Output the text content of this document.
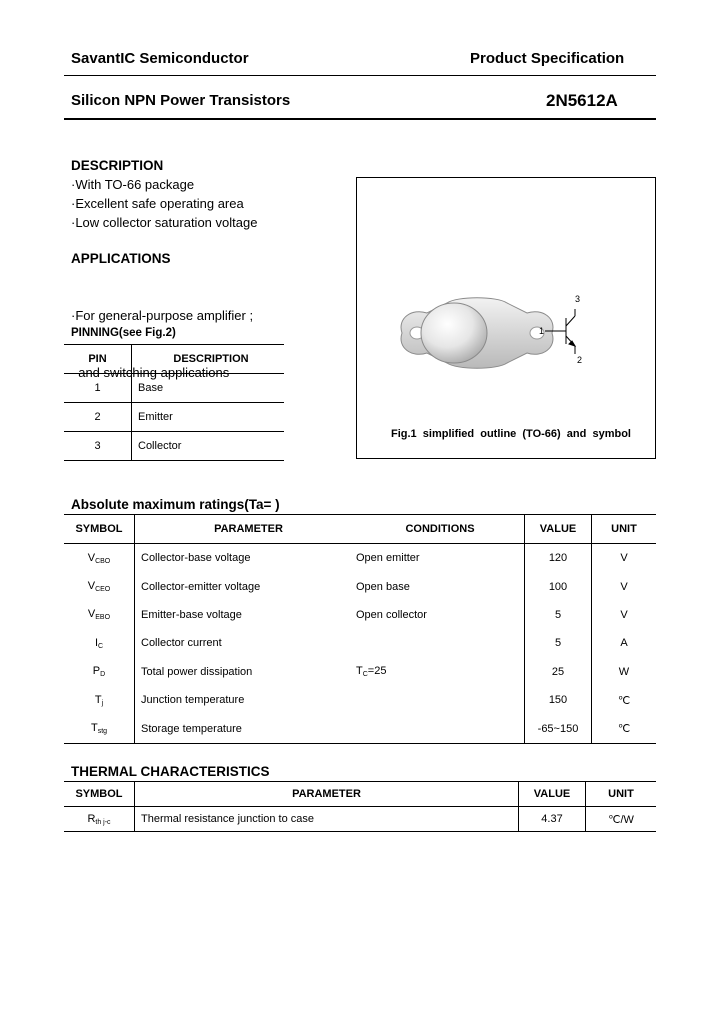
SavantIC Semiconductor	Product Specification
Silicon NPN Power Transistors	2N5612A
DESCRIPTION
·With TO-66 package
·Excellent safe operating area
·Low collector saturation voltage
APPLICATIONS

·For general-purpose amplifier ;

and switching applications

PINNING(see Fig.2)
PIN	DESCRIPTION
1	Base
2	Emitter
3	Collector
1
2
3
Fig.1  simplified  outline  (TO-66)  and  symbol
Absolute maximum ratings(Ta= )
SYMBOL	PARAMETER	CONDITIONS	VALUE	UNIT
$V_{CBO}$	Collector-base voltage	Open emitter	120	V
$V_{CEO}$	Collector-emitter voltage	Open base	100	V
$V_{EBO}$	Emitter-base voltage	Open collector	5	V
$I_C$	Collector current		5	A
$P_D$	Total power dissipation	$T_C=25$	25	W
$T_j$	Junction temperature		150	℃
$T_{stg}$	Storage temperature		-65~150	℃
THERMAL CHARACTERISTICS
SYMBOL	PARAMETER	VALUE	UNIT
$R_{th j-c}$	Thermal resistance junction to case	4.37	℃/W
